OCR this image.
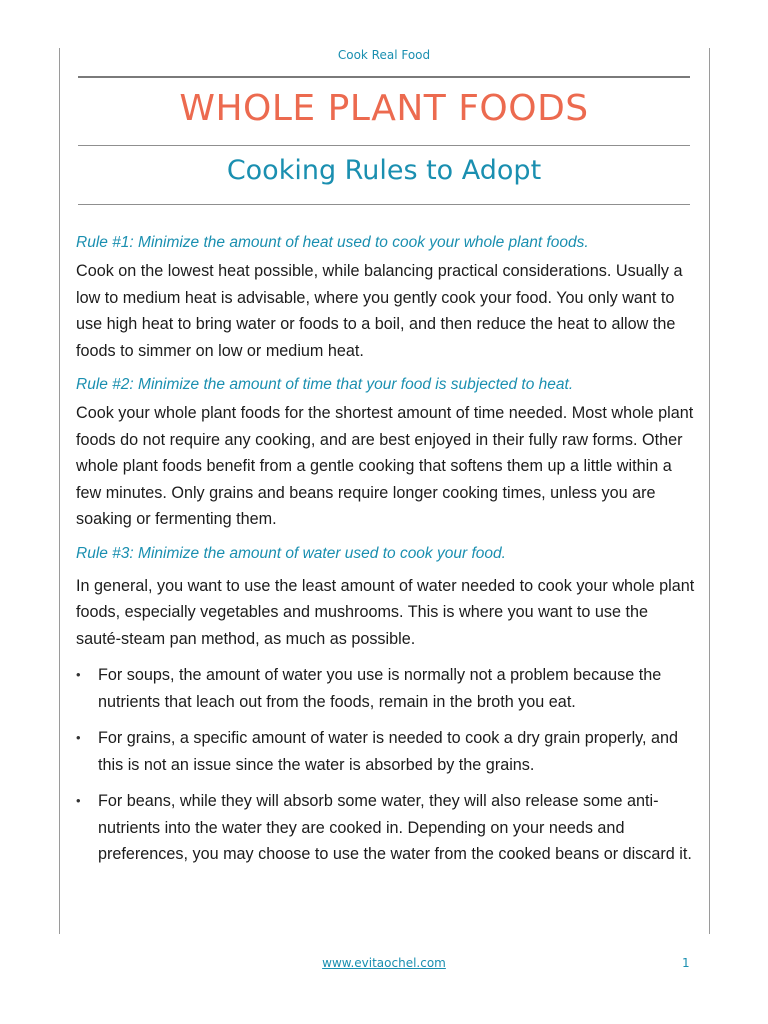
Cook Real Food
WHOLE PLANT FOODS
Cooking Rules to Adopt

Rule #1: Minimize the amount of heat used to cook your whole plant foods.

Cook on the lowest heat possible, while balancing practical considerations. Usually a low to medium heat is advisable, where you gently cook your food. You only want to use high heat to bring water or foods to a boil, and then reduce the heat to allow the foods to simmer on low or medium heat.

Rule #2: Minimize the amount of time that your food is subjected to heat.

Cook your whole plant foods for the shortest amount of time needed. Most whole plant foods do not require any cooking, and are best enjoyed in their fully raw forms. Other whole plant foods benefit from a gentle cooking that softens them up a little within a few minutes. Only grains and beans require longer cooking times, unless you are soaking or fermenting them.

Rule #3: Minimize the amount of water used to cook your food.

In general, you want to use the least amount of water needed to cook your whole plant foods, especially vegetables and mushrooms. This is where you want to use the sauté-steam pan method, as much as possible.

• For soups, the amount of water you use is normally not a problem because the nutrients that leach out from the foods, remain in the broth you eat.
• For grains, a specific amount of water is needed to cook a dry grain properly, and this is not an issue since the water is absorbed by the grains.
• For beans, while they will absorb some water, they will also release some anti-nutrients into the water they are cooked in. Depending on your needs and preferences, you may choose to use the water from the cooked beans or discard it.
www.evitaochel.com	1
